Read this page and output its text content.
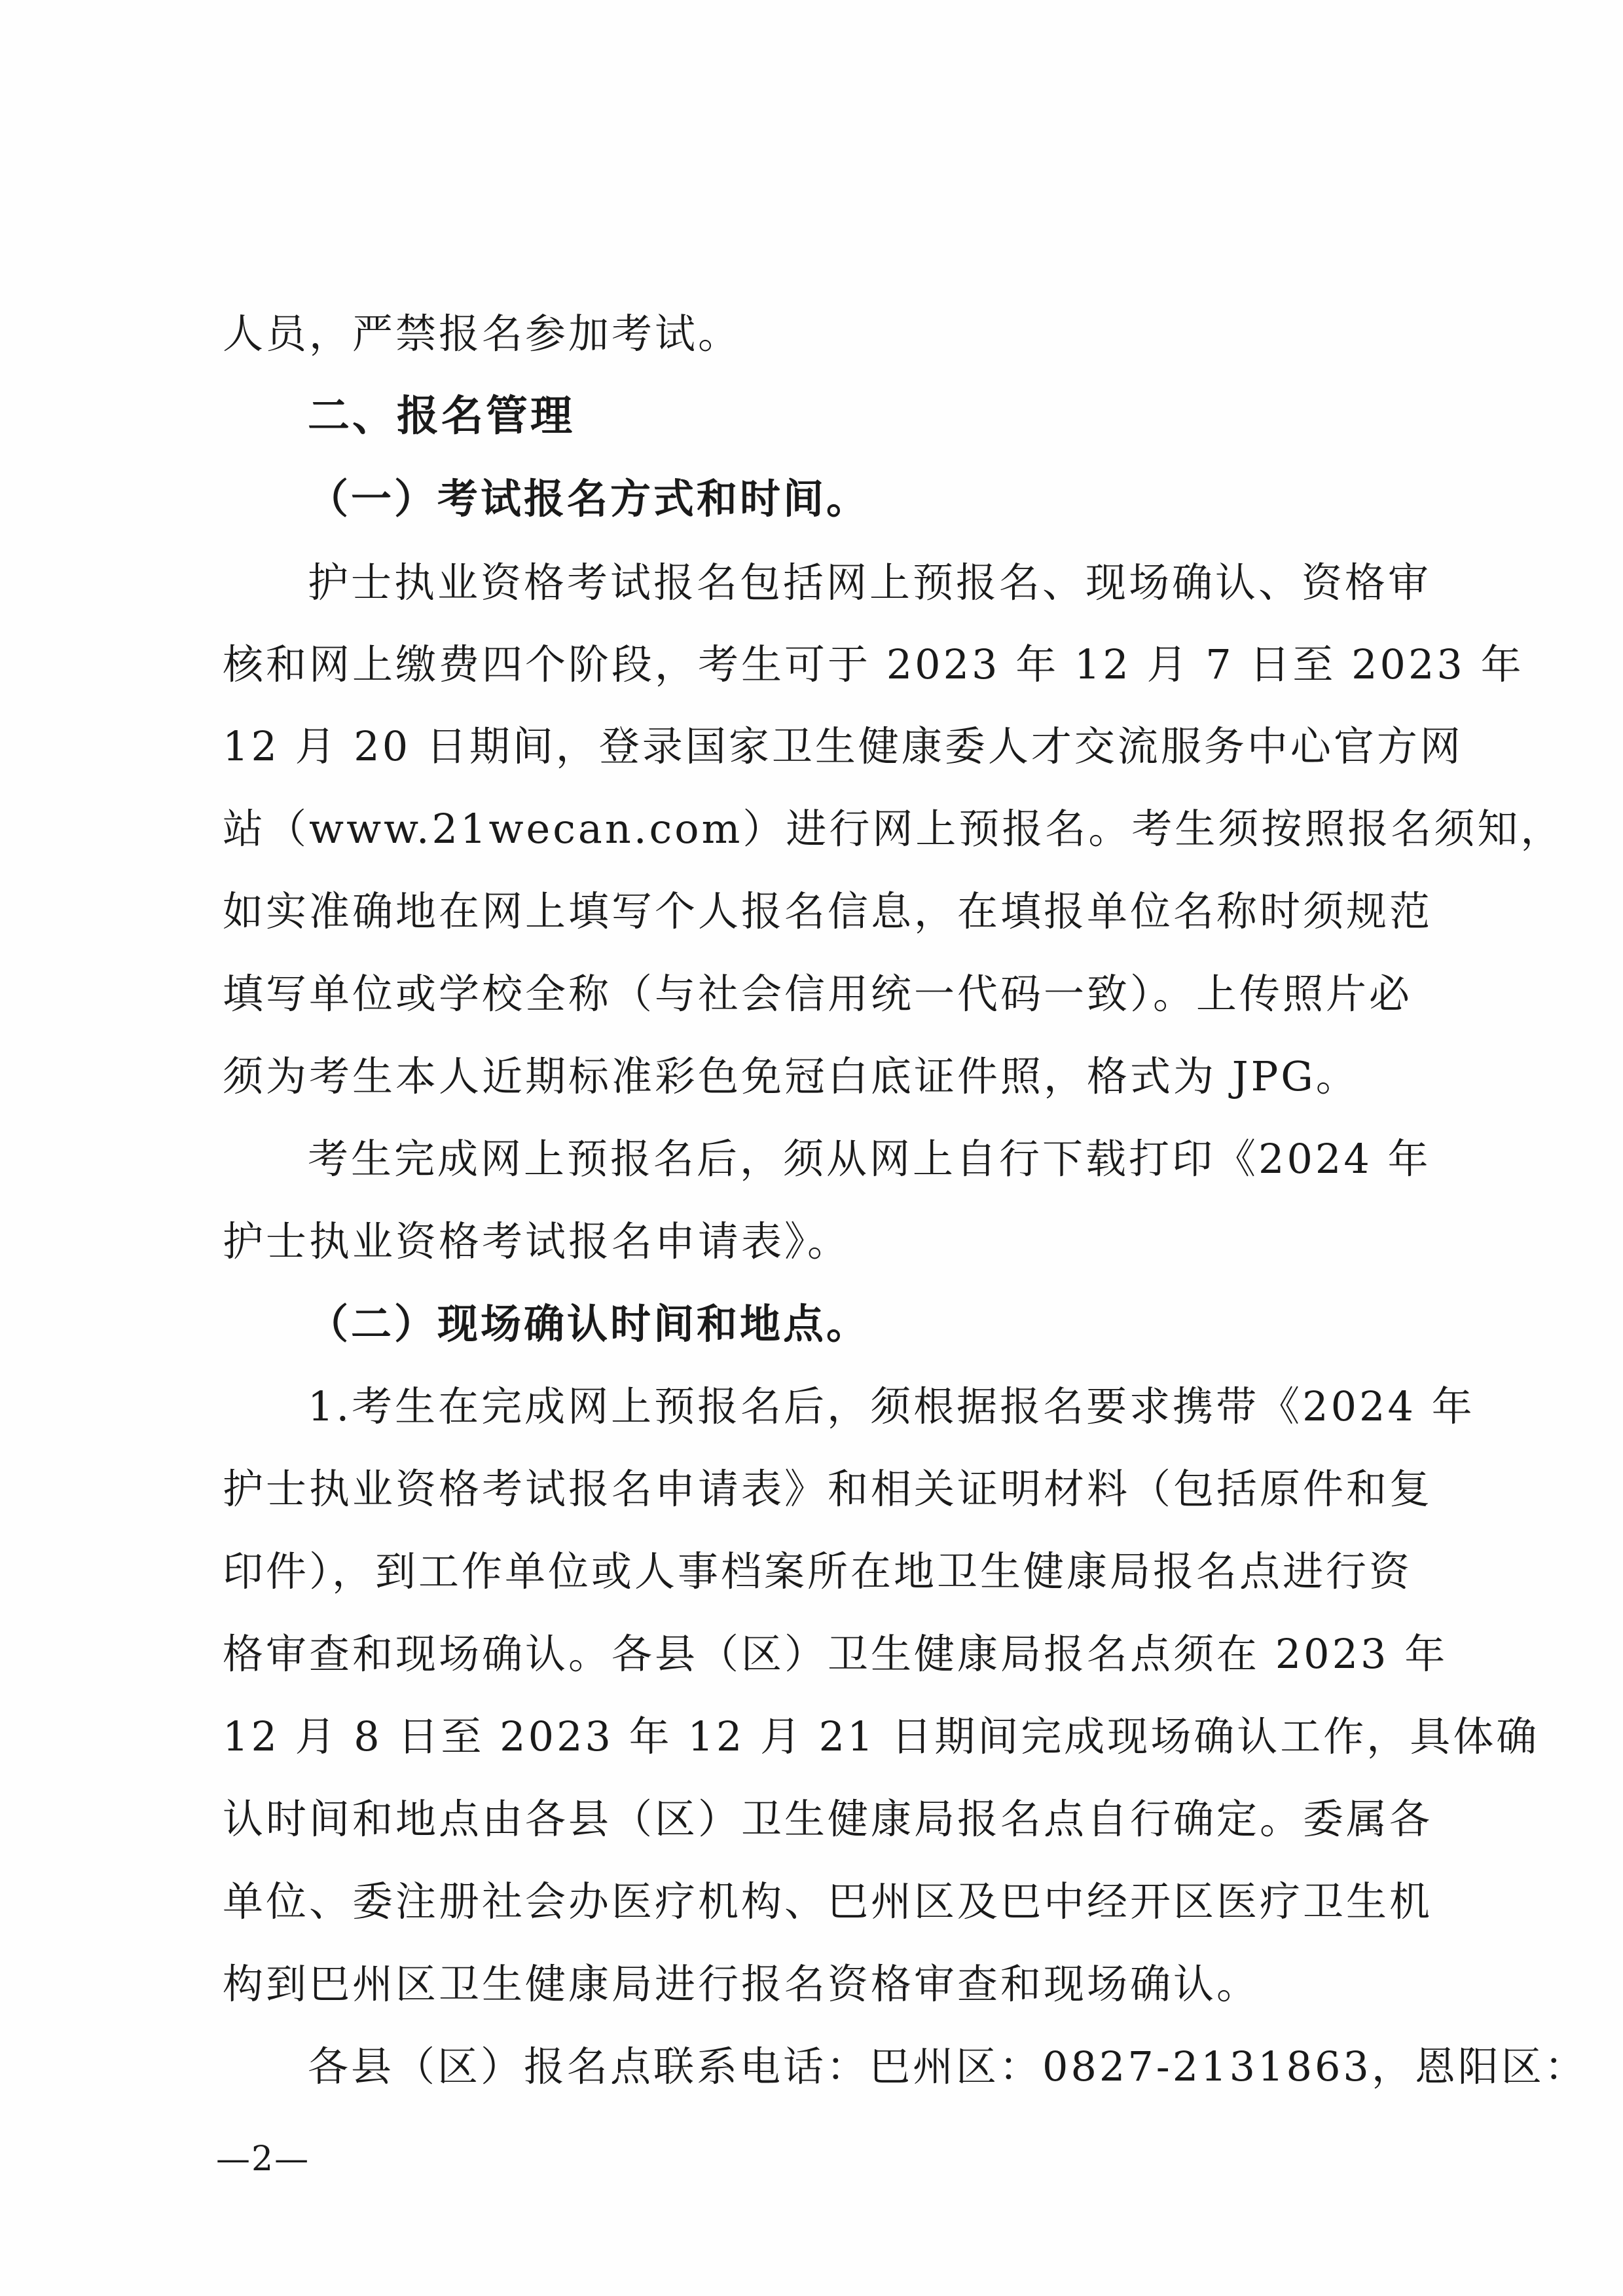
人员，严禁报名参加考试。
二、报名管理
（一）考试报名方式和时间。
护士执业资格考试报名包括网上预报名、现场确认、资格审
核和网上缴费四个阶段，考生可于 2023 年 12 月 7 日至 2023 年
12 月 20 日期间，登录国家卫生健康委人才交流服务中心官方网
站（www.21wecan.com）进行网上预报名。考生须按照报名须知，
如实准确地在网上填写个人报名信息，在填报单位名称时须规范
填写单位或学校全称（与社会信用统一代码一致）。上传照片必
须为考生本人近期标准彩色免冠白底证件照，格式为 JPG。
考生完成网上预报名后，须从网上自行下载打印《2024 年
护士执业资格考试报名申请表》。
（二）现场确认时间和地点。
1.考生在完成网上预报名后，须根据报名要求携带《2024 年
护士执业资格考试报名申请表》和相关证明材料（包括原件和复
印件），到工作单位或人事档案所在地卫生健康局报名点进行资
格审查和现场确认。各县（区）卫生健康局报名点须在 2023 年
12 月 8 日至 2023 年 12 月 21 日期间完成现场确认工作，具体确
认时间和地点由各县（区）卫生健康局报名点自行确定。委属各
单位、委注册社会办医疗机构、巴州区及巴中经开区医疗卫生机
构到巴州区卫生健康局进行报名资格审查和现场确认。
各县（区）报名点联系电话：巴州区：0827-2131863，恩阳区：
—2—
